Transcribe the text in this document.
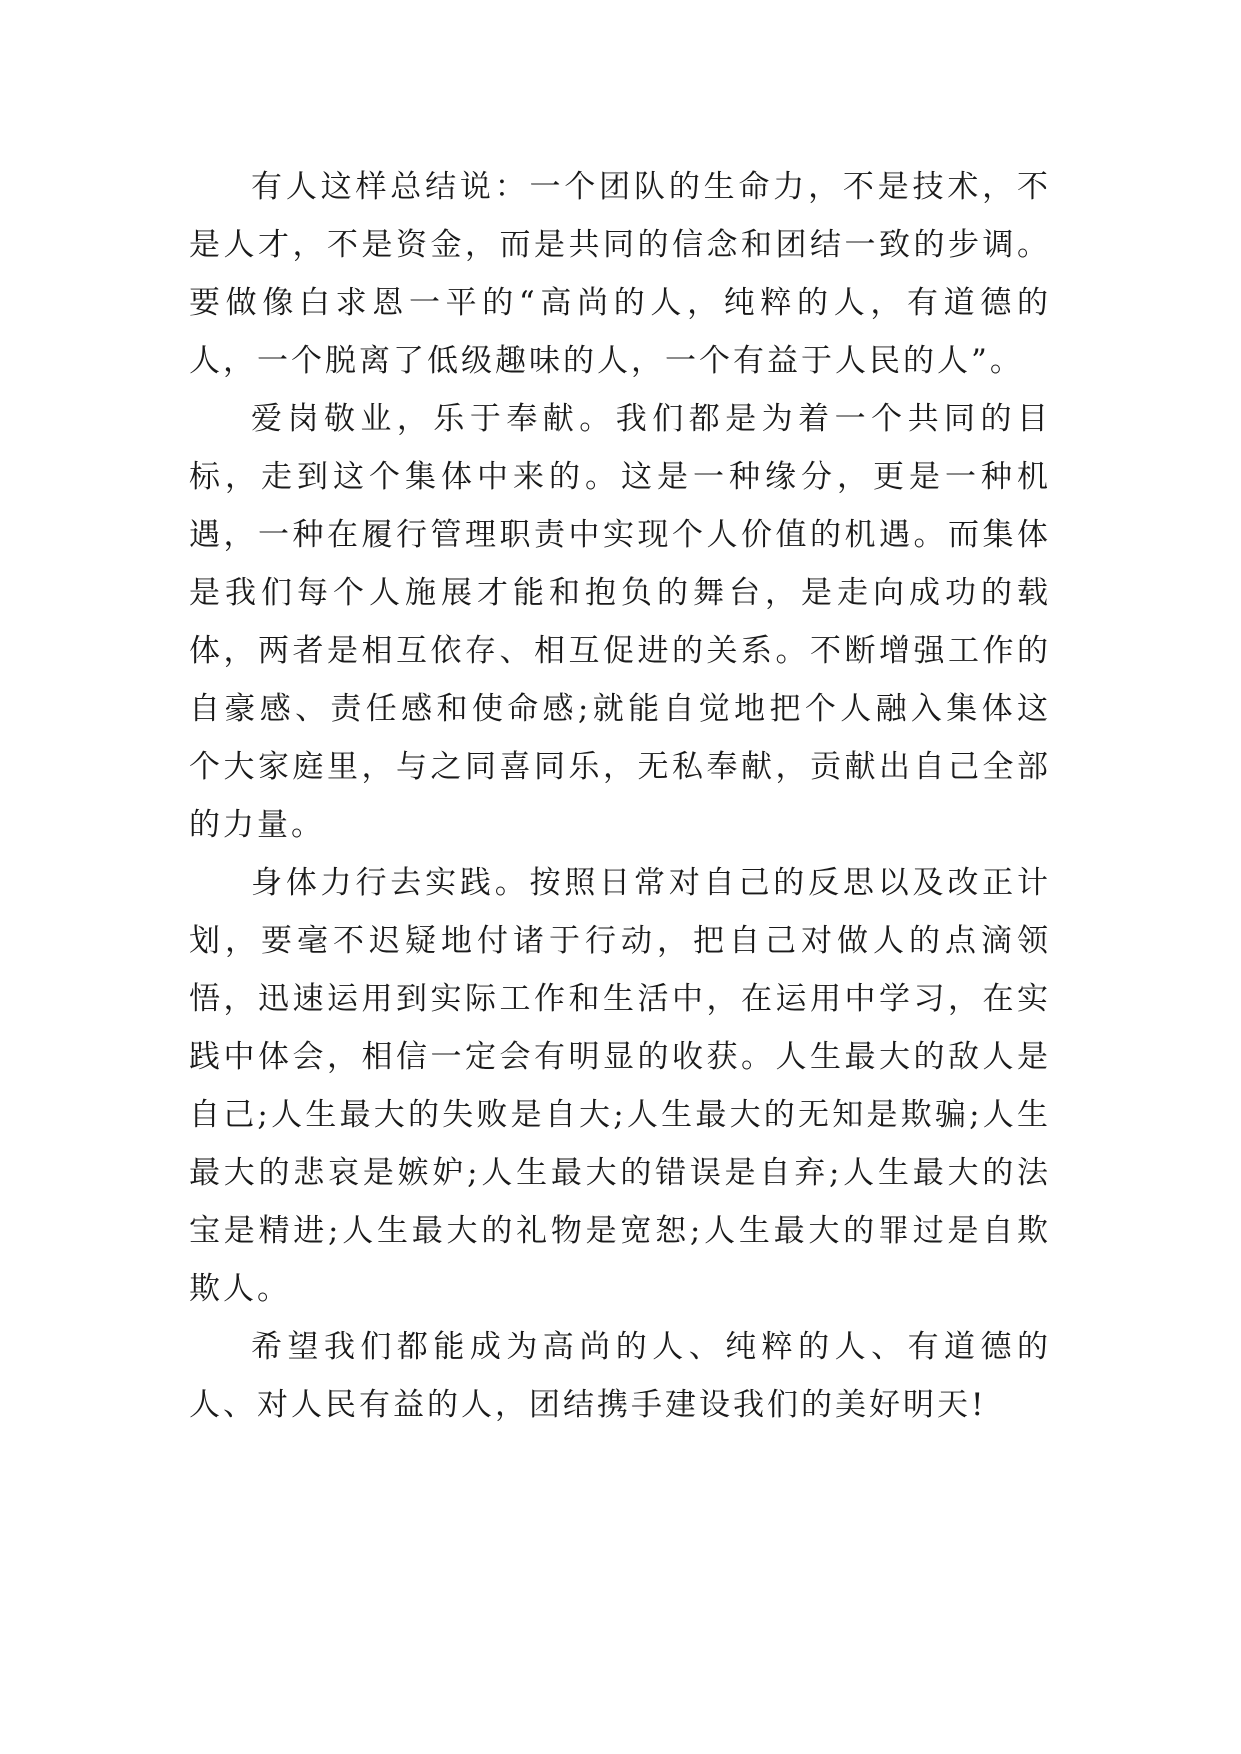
有人这样总结说：一个团队的生命力，不是技术，不是人才，不是资金，而是共同的信念和团结一致的步调。要做像白求恩一平的“高尚的人，纯粹的人，有道德的人，一个脱离了低级趣味的人，一个有益于人民的人”。

爱岗敬业，乐于奉献。我们都是为着一个共同的目标，走到这个集体中来的。这是一种缘分，更是一种机遇，一种在履行管理职责中实现个人价值的机遇。而集体是我们每个人施展才能和抱负的舞台，是走向成功的载体，两者是相互依存、相互促进的关系。不断增强工作的自豪感、责任感和使命感;就能自觉地把个人融入集体这个大家庭里，与之同喜同乐，无私奉献，贡献出自己全部的力量。

身体力行去实践。按照日常对自己的反思以及改正计划，要毫不迟疑地付诸于行动，把自己对做人的点滴领悟，迅速运用到实际工作和生活中，在运用中学习，在实践中体会，相信一定会有明显的收获。人生最大的敌人是自己;人生最大的失败是自大;人生最大的无知是欺骗;人生最大的悲哀是嫉妒;人生最大的错误是自弃;人生最大的法宝是精进;人生最大的礼物是宽恕;人生最大的罪过是自欺欺人。

希望我们都能成为高尚的人、纯粹的人、有道德的人、对人民有益的人，团结携手建设我们的美好明天!
